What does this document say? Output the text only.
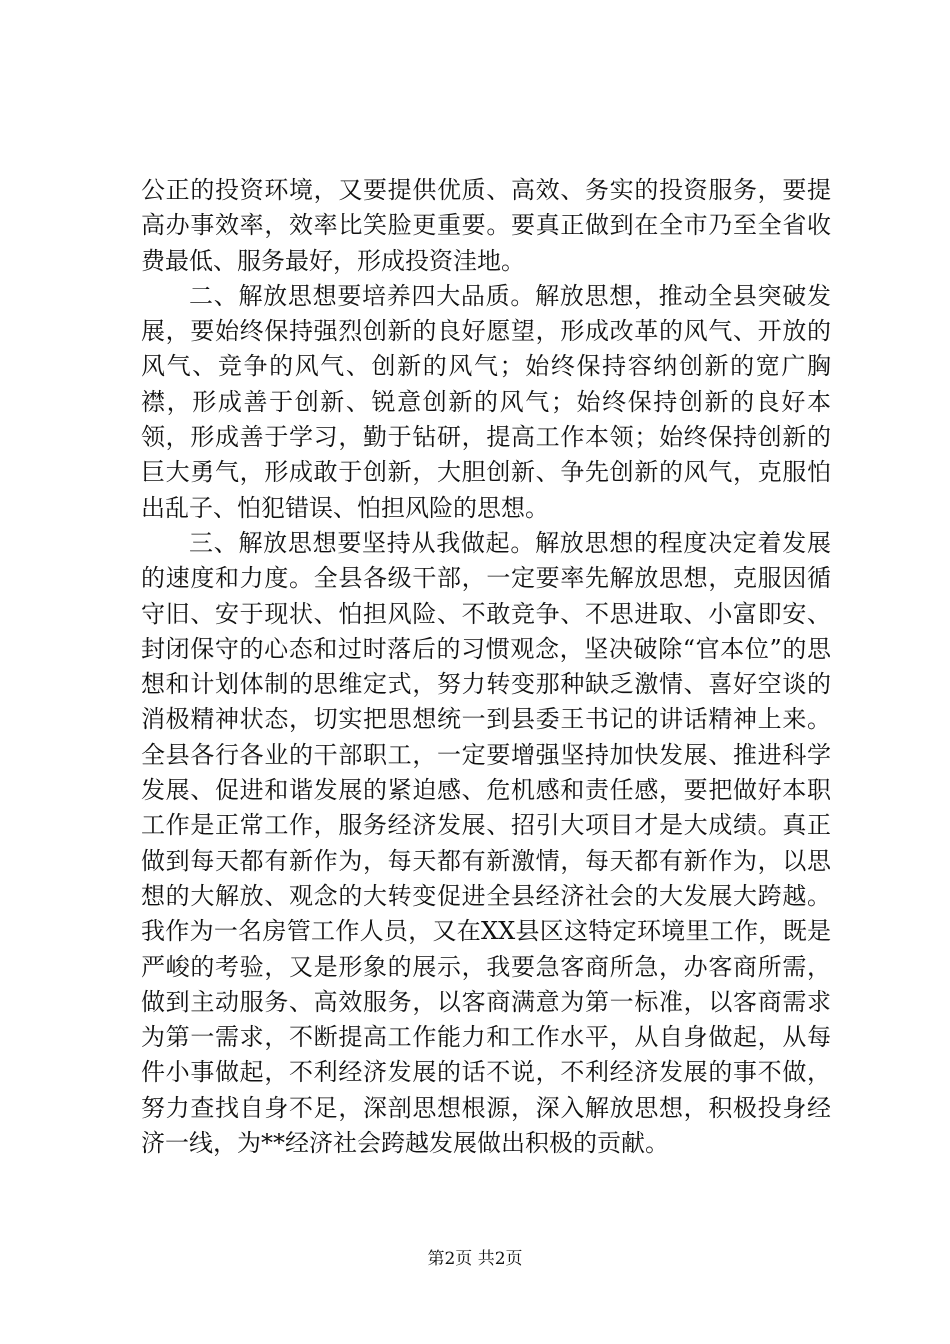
公正的投资环境，又要提供优质、高效、务实的投资服务，要提高办事效率，效率比笑脸更重要。要真正做到在全市乃至全省收费最低、服务最好，形成投资洼地。

二、解放思想要培养四大品质。解放思想，推动全县突破发展，要始终保持强烈创新的良好愿望，形成改革的风气、开放的风气、竞争的风气、创新的风气；始终保持容纳创新的宽广胸襟，形成善于创新、锐意创新的风气；始终保持创新的良好本领，形成善于学习，勤于钻研，提高工作本领；始终保持创新的巨大勇气，形成敢于创新，大胆创新、争先创新的风气，克服怕出乱子、怕犯错误、怕担风险的思想。

三、解放思想要坚持从我做起。解放思想的程度决定着发展的速度和力度。全县各级干部，一定要率先解放思想，克服因循守旧、安于现状、怕担风险、不敢竞争、不思进取、小富即安、封闭保守的心态和过时落后的习惯观念，坚决破除“官本位”的思想和计划体制的思维定式，努力转变那种缺乏激情、喜好空谈的消极精神状态，切实把思想统一到县委王书记的讲话精神上来。全县各行各业的干部职工，一定要增强坚持加快发展、推进科学发展、促进和谐发展的紧迫感、危机感和责任感，要把做好本职工作是正常工作，服务经济发展、招引大项目才是大成绩。真正做到每天都有新作为，每天都有新激情，每天都有新作为，以思想的大解放、观念的大转变促进全县经济社会的大发展大跨越。我作为一名房管工作人员，又在XX县区这特定环境里工作，既是严峻的考验，又是形象的展示，我要急客商所急，办客商所需，做到主动服务、高效服务，以客商满意为第一标准，以客商需求为第一需求，不断提高工作能力和工作水平，从自身做起，从每件小事做起，不利经济发展的话不说，不利经济发展的事不做，努力查找自身不足，深剖思想根源，深入解放思想，积极投身经济一线，为**经济社会跨越发展做出积极的贡献。

第2页 共2页
